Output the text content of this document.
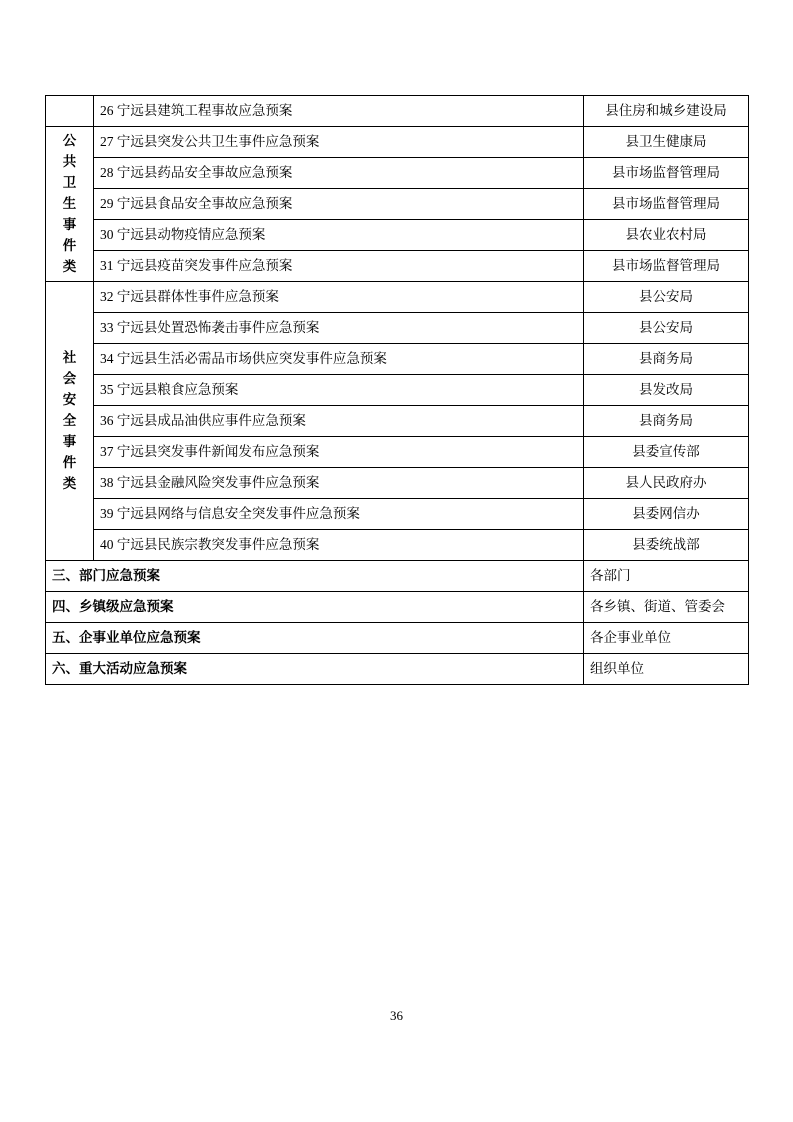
	26 宁远县建筑工程事故应急预案	县住房和城乡建设局

公
共
卫
生
事
件
类
	27 宁远县突发公共卫生事件应急预案	县卫生健康局
	28 宁远县药品安全事故应急预案	县市场监督管理局
	29 宁远县食品安全事故应急预案	县市场监督管理局
	30 宁远县动物疫情应急预案	县农业农村局
	31 宁远县疫苗突发事件应急预案	县市场监督管理局

社
会
安
全
事
件
类
	32 宁远县群体性事件应急预案	县公安局
	33 宁远县处置恐怖袭击事件应急预案	县公安局
	34 宁远县生活必需品市场供应突发事件应急预案	县商务局
	35 宁远县粮食应急预案	县发改局
	36 宁远县成品油供应事件应急预案	县商务局
	37 宁远县突发事件新闻发布应急预案	县委宣传部
	38 宁远县金融风险突发事件应急预案	县人民政府办
	39 宁远县网络与信息安全突发事件应急预案	县委网信办
	40 宁远县民族宗教突发事件应急预案	县委统战部
三、部门应急预案		各部门
四、乡镇级应急预案		各乡镇、街道、管委会
五、企事业单位应急预案		各企事业单位
六、重大活动应急预案		组织单位
36
